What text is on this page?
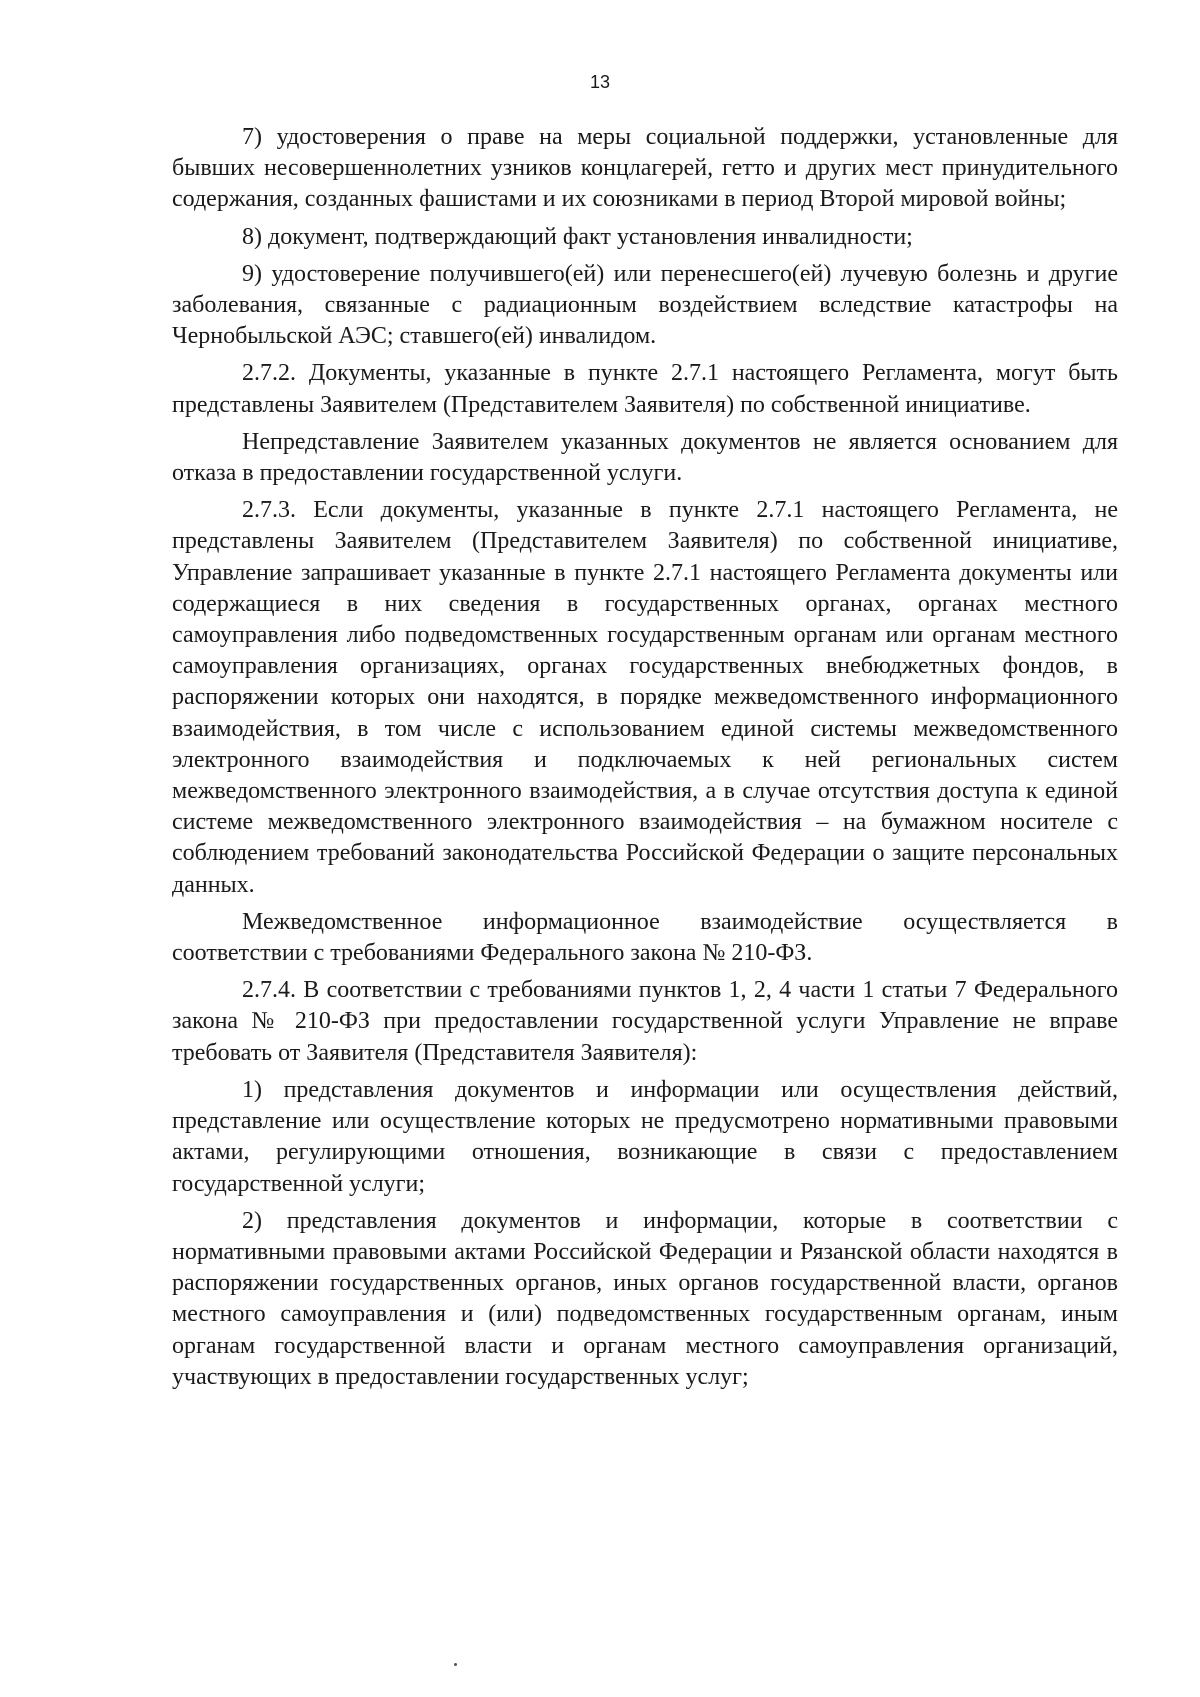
13

7) удостоверения о праве на меры социальной поддержки, установленные для бывших несовершеннолетних узников концлагерей, гетто и других мест принудительного содержания, созданных фашистами и их союзниками в период Второй мировой войны;

8) документ, подтверждающий факт установления инвалидности;

9) удостоверение получившего(ей) или перенесшего(ей) лучевую болезнь и другие заболевания, связанные с радиационным воздействием вследствие катастрофы на Чернобыльской АЭС; ставшего(ей) инвалидом.

2.7.2. Документы, указанные в пункте 2.7.1 настоящего Регламента, могут быть представлены Заявителем (Представителем Заявителя) по собственной инициативе.

Непредставление Заявителем указанных документов не является основанием для отказа в предоставлении государственной услуги.

2.7.3. Если документы, указанные в пункте 2.7.1 настоящего Регламента, не представлены Заявителем (Представителем Заявителя) по собственной инициативе, Управление запрашивает указанные в пункте 2.7.1 настоящего Регламента документы или содержащиеся в них сведения в государственных органах, органах местного самоуправления либо подведомственных государственным органам или органам местного самоуправления организациях, органах государственных внебюджетных фондов, в распоряжении которых они находятся, в порядке межведомственного информационного взаимодействия, в том числе с использованием единой системы межведомственного электронного взаимодействия и подключаемых к ней региональных систем межведомственного электронного взаимодействия, а в случае отсутствия доступа к единой системе межведомственного электронного взаимодействия – на бумажном носителе с соблюдением требований законодательства Российской Федерации о защите персональных данных.

Межведомственное информационное взаимодействие осуществляется в соответствии с требованиями Федерального закона № 210-ФЗ.

2.7.4. В соответствии с требованиями пунктов 1, 2, 4 части 1 статьи 7 Федерального закона № 210-ФЗ при предоставлении государственной услуги Управление не вправе требовать от Заявителя (Представителя Заявителя):

1) представления документов и информации или осуществления действий, представление или осуществление которых не предусмотрено нормативными правовыми актами, регулирующими отношения, возникающие в связи с предоставлением государственной услуги;

2) представления документов и информации, которые в соответствии с нормативными правовыми актами Российской Федерации и Рязанской области находятся в распоряжении государственных органов, иных органов государственной власти, органов местного самоуправления и (или) подведомственных государственным органам, иным органам государственной власти и органам местного самоуправления организаций, участвующих в предоставлении государственных услуг;
